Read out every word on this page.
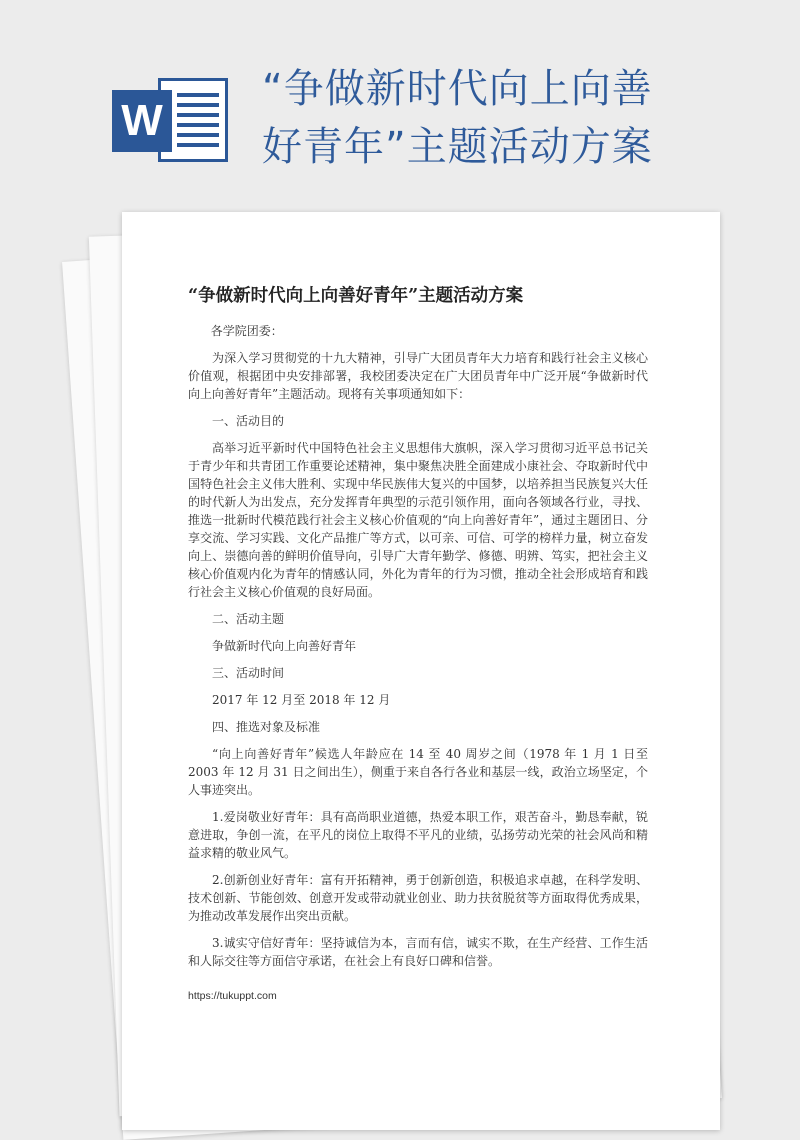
W
“争做新时代向上向善好青年”主题活动方案
“争做新时代向上向善好青年”主题活动方案

各学院团委：

为深入学习贯彻党的十九大精神，引导广大团员青年大力培育和践行社会主义核心价值观，根据团中央安排部署，我校团委决定在广大团员青年中广泛开展“争做新时代向上向善好青年”主题活动。现将有关事项通知如下：

一、活动目的

高举习近平新时代中国特色社会主义思想伟大旗帜，深入学习贯彻习近平总书记关于青少年和共青团工作重要论述精神，集中聚焦决胜全面建成小康社会、夺取新时代中国特色社会主义伟大胜利、实现中华民族伟大复兴的中国梦，以培养担当民族复兴大任的时代新人为出发点，充分发挥青年典型的示范引领作用，面向各领域各行业，寻找、推选一批新时代模范践行社会主义核心价值观的“向上向善好青年”，通过主题团日、分享交流、学习实践、文化产品推广等方式，以可亲、可信、可学的榜样力量，树立奋发向上、崇德向善的鲜明价值导向，引导广大青年勤学、修德、明辨、笃实，把社会主义核心价值观内化为青年的情感认同，外化为青年的行为习惯，推动全社会形成培育和践行社会主义核心价值观的良好局面。

二、活动主题

争做新时代向上向善好青年

三、活动时间

2017 年 12 月至 2018 年 12 月

四、推选对象及标准

“向上向善好青年”候选人年龄应在 14 至 40 周岁之间（1978 年 1 月 1 日至 2003 年 12 月 31 日之间出生），侧重于来自各行各业和基层一线，政治立场坚定，个人事迹突出。

1.爱岗敬业好青年：具有高尚职业道德，热爱本职工作，艰苦奋斗，勤恳奉献，锐意进取，争创一流，在平凡的岗位上取得不平凡的业绩，弘扬劳动光荣的社会风尚和精益求精的敬业风气。

2.创新创业好青年：富有开拓精神，勇于创新创造，积极追求卓越，在科学发明、技术创新、节能创效、创意开发或带动就业创业、助力扶贫脱贫等方面取得优秀成果，为推动改革发展作出突出贡献。

3.诚实守信好青年：坚持诚信为本，言而有信，诚实不欺，在生产经营、工作生活和人际交往等方面信守承诺，在社会上有良好口碑和信誉。

https://tukuppt.com
